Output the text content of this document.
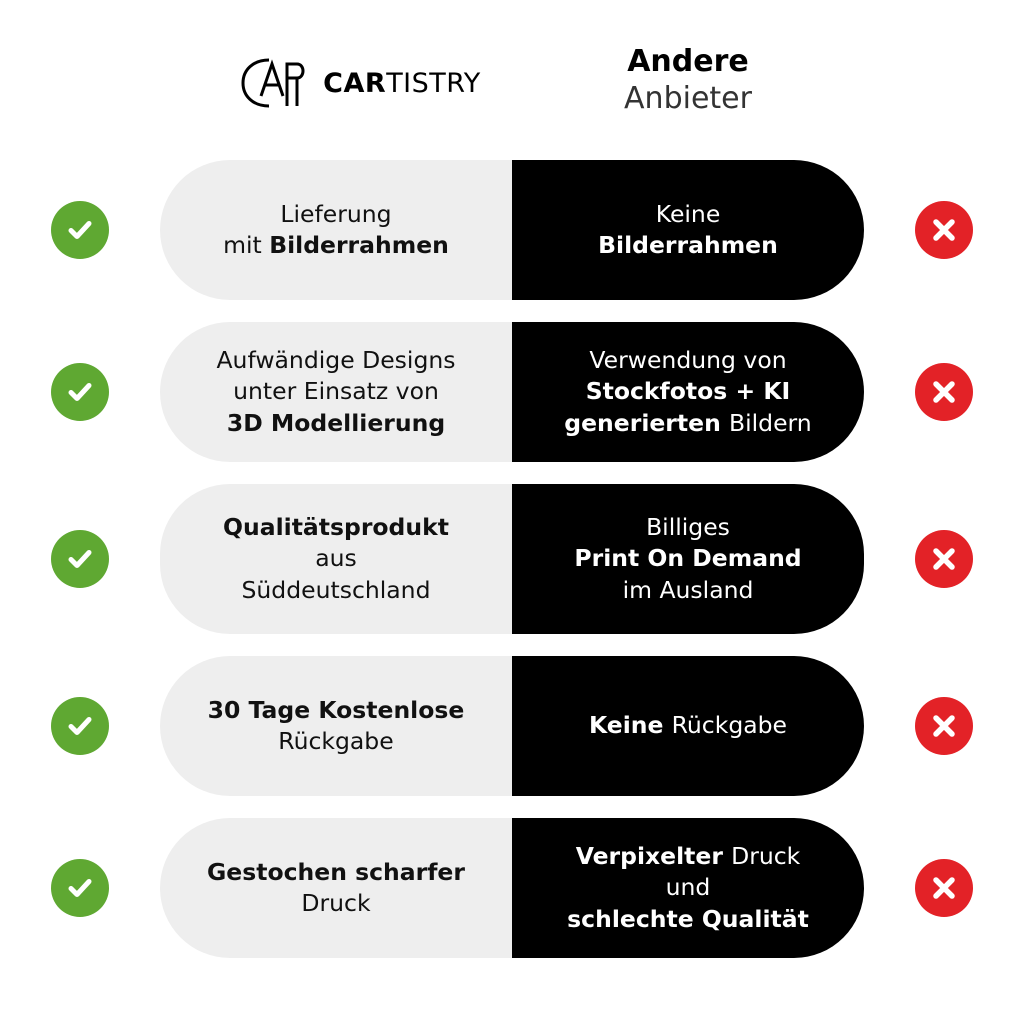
CARTISTRY
Andere
Anbieter
Lieferung
mit Bilderrahmen
Keine
Bilderrahmen
Aufwändige Designs
unter Einsatz von
3D Modellierung
Verwendung von
Stockfotos + KI
generierten Bildern
Qualitätsprodukt
aus
Süddeutschland
Billiges
Print On Demand
im Ausland
30 Tage Kostenlose
Rückgabe
Keine Rückgabe
Gestochen scharfer
Druck
Verpixelter Druck
und
schlechte Qualität
